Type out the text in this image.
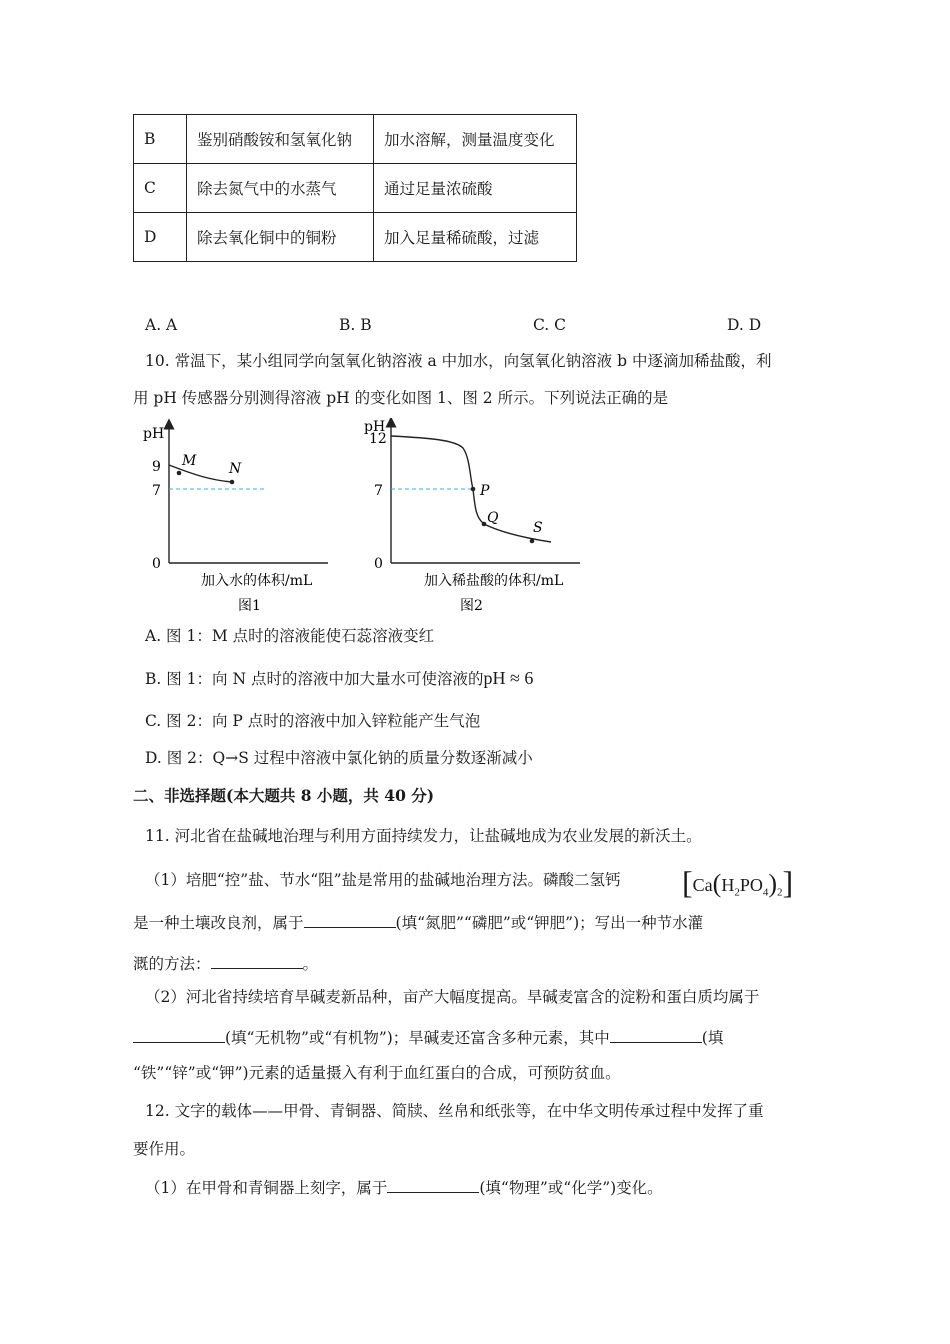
B	鉴别硝酸铵和氢氧化钠	加水溶解，测量温度变化
C	除去氮气中的水蒸气	通过足量浓硫酸
D	除去氧化铜中的铜粉	加入足量稀硫酸，过滤
A. A	B. B	C. C	D. D
10. 常温下，某小组同学向氢氧化钠溶液 a 中加水，向氢氧化钠溶液 b 中逐滴加稀盐酸，利
用 pH 传感器分别测得溶液 pH 的变化如图 1、图 2 所示。下列说法正确的是
pH
9
7
0
M N
加入水的体积/mL
图1
pH
12
7
0
P
Q
S
加入稀盐酸的体积/mL
图2
A. 图 1：M 点时的溶液能使石蕊溶液变红
B. 图 1：向 N 点时的溶液中加大量水可使溶液的pH ≈ 6
C. 图 2：向 P 点时的溶液中加入锌粒能产生气泡
D. 图 2：Q→S 过程中溶液中氯化钠的质量分数逐渐减小
二、非选择题(本大题共 8 小题，共 40 分)
11. 河北省在盐碱地治理与利用方面持续发力，让盐碱地成为农业发展的新沃土。
（1）培肥“控”盐、节水“阻”盐是常用的盐碱地治理方法。磷酸二氢钙 $[Ca(H_2PO_4)_2]$
是一种土壤改良剂，属于	(填“氮肥”“磷肥”或“钾肥”)；写出一种节水灌
溉的方法：	。
（2）河北省持续培育旱碱麦新品种，亩产大幅度提高。旱碱麦富含的淀粉和蛋白质均属于
(填“无机物”或“有机物”)；旱碱麦还富含多种元素，其中	(填
“铁”“锌”或“钾”)元素的适量摄入有利于血红蛋白的合成，可预防贫血。
12. 文字的载体——甲骨、青铜器、简牍、丝帛和纸张等，在中华文明传承过程中发挥了重
要作用。
（1）在甲骨和青铜器上刻字，属于	(填“物理”或“化学”)变化。
